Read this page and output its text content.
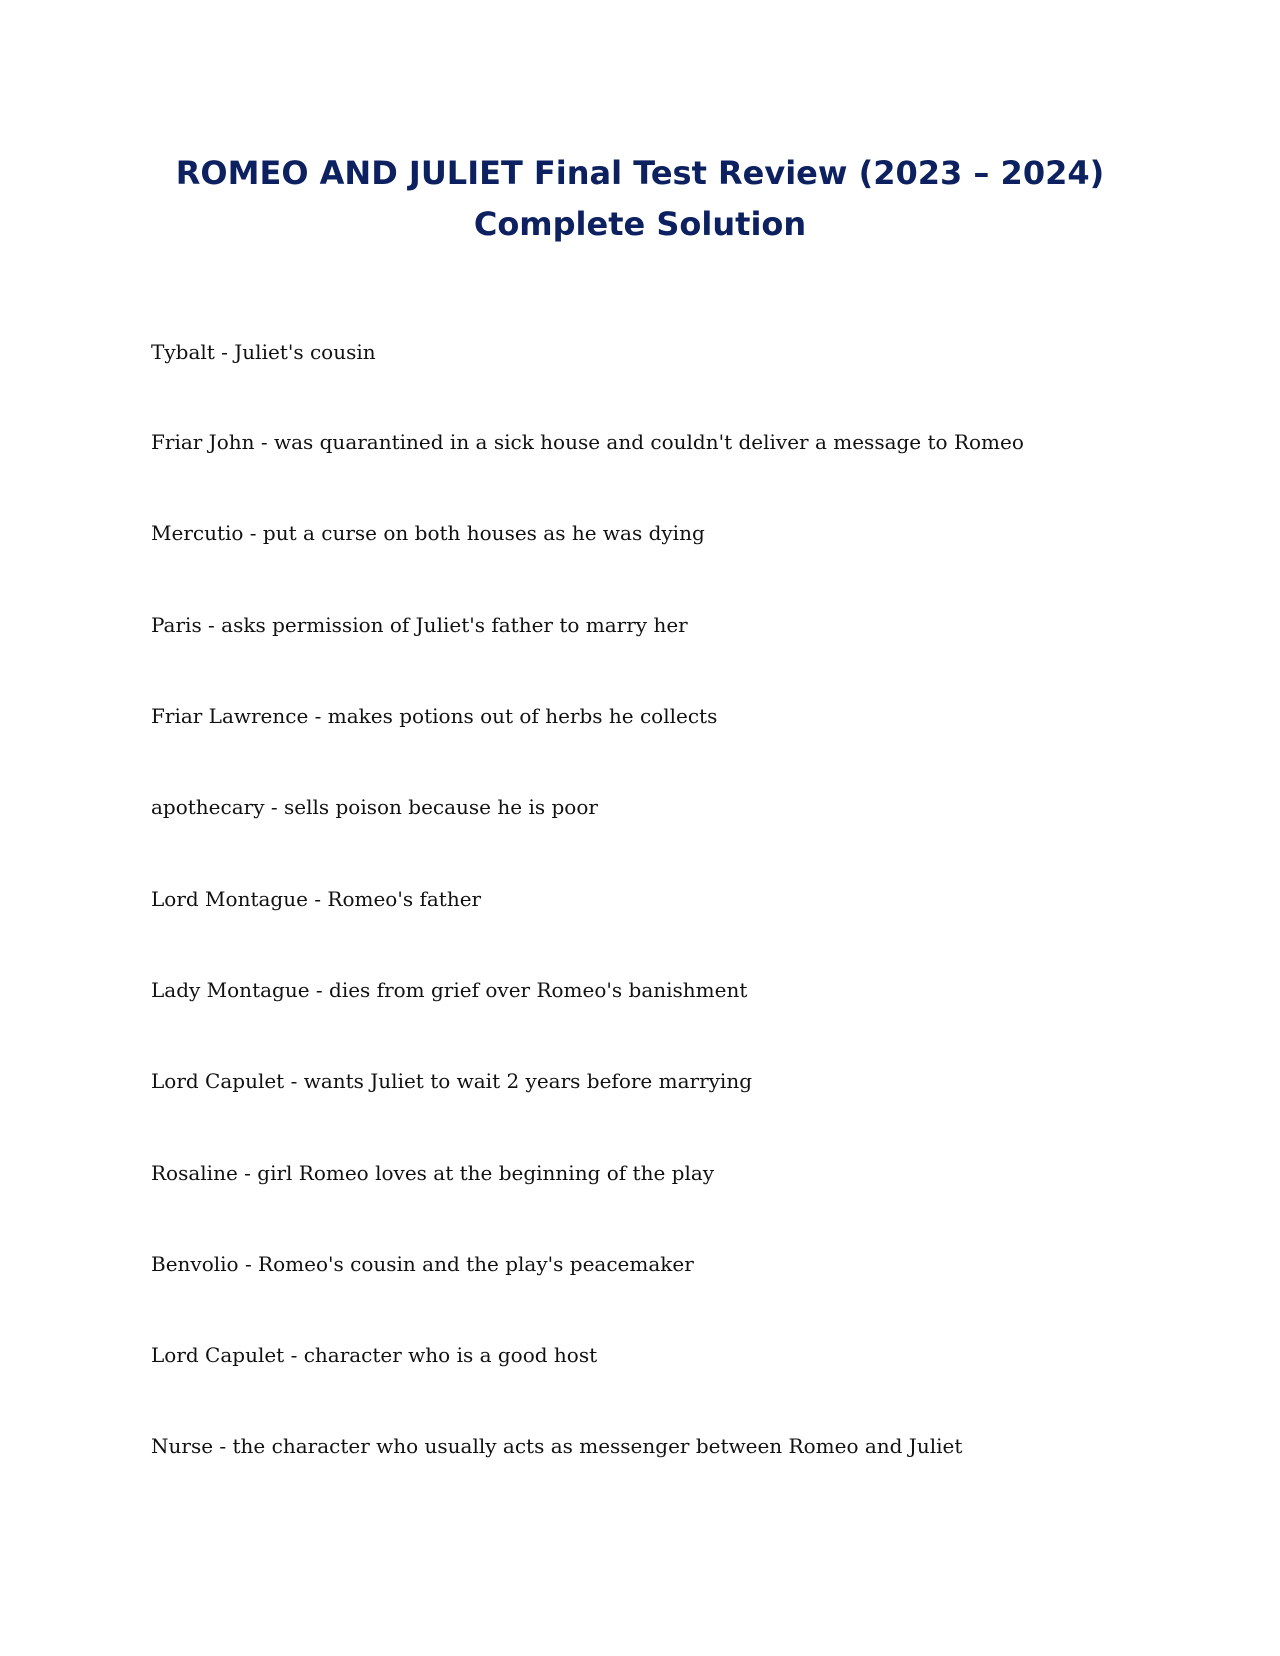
ROMEO AND JULIET Final Test Review (2023 – 2024)
Complete Solution
Tybalt - Juliet's cousin
Friar John - was quarantined in a sick house and couldn't deliver a message to Romeo
Mercutio - put a curse on both houses as he was dying
Paris - asks permission of Juliet's father to marry her
Friar Lawrence - makes potions out of herbs he collects
apothecary - sells poison because he is poor
Lord Montague - Romeo's father
Lady Montague - dies from grief over Romeo's banishment
Lord Capulet - wants Juliet to wait 2 years before marrying
Rosaline - girl Romeo loves at the beginning of the play
Benvolio - Romeo's cousin and the play's peacemaker
Lord Capulet - character who is a good host
Nurse - the character who usually acts as messenger between Romeo and Juliet
